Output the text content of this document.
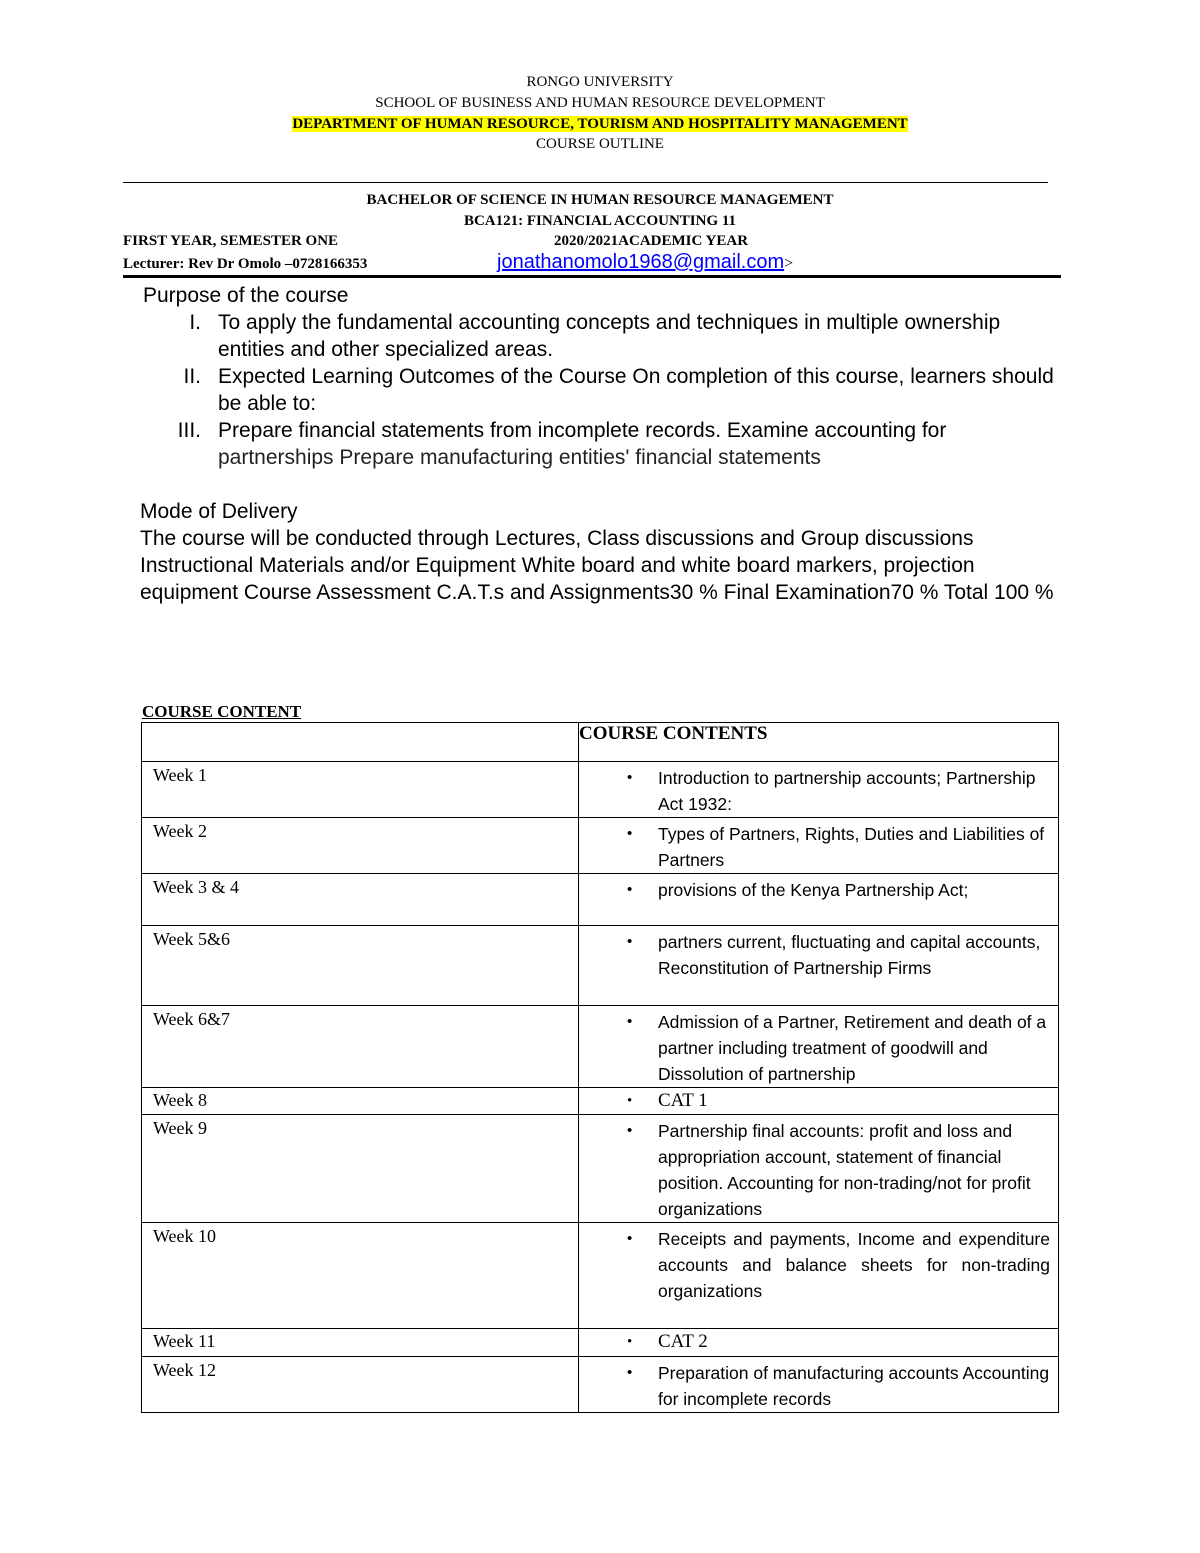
RONGO UNIVERSITY
SCHOOL OF BUSINESS AND HUMAN RESOURCE DEVELOPMENT
DEPARTMENT OF HUMAN RESOURCE, TOURISM AND HOSPITALITY MANAGEMENT
COURSE OUTLINE
BACHELOR OF SCIENCE IN HUMAN RESOURCE MANAGEMENT
BCA121: FINANCIAL ACCOUNTING 11
FIRST YEAR, SEMESTER ONE	2020/2021ACADEMIC YEAR
Lecturer: Rev Dr Omolo –0728166353	jonathanomolo1968@gmail.com>
Purpose of the course
I. To apply the fundamental accounting concepts and techniques in multiple ownership entities and other specialized areas.
II. Expected Learning Outcomes of the Course On completion of this course, learners should be able to:
III. Prepare financial statements from incomplete records. Examine accounting for
partnerships Prepare manufacturing entities' financial statements
Mode of Delivery
The course will be conducted through Lectures, Class discussions and Group discussions Instructional Materials and/or Equipment White board and white board markers, projection equipment Course Assessment C.A.T.s and Assignments30 % Final Examination70 % Total 100 %
COURSE CONTENT
	COURSE CONTENTS
Week 1	• Introduction to partnership accounts; Partnership Act 1932:

Week 2	• Types of Partners, Rights, Duties and Liabilities of Partners

Week 3 & 4	• provisions of the Kenya Partnership Act;

Week 5&6	• partners current, fluctuating and capital accounts, Reconstitution of Partnership Firms

Week 6&7	• Admission of a Partner, Retirement and death of a partner including treatment of goodwill and Dissolution of partnership

Week 8	• CAT 1

Week 9	• Partnership final accounts: profit and loss and appropriation account, statement of financial position. Accounting for non-trading/not for profit organizations

Week 10	• Receipts and payments, Income and expenditure accounts and balance sheets for non-trading organizations

Week 11	• CAT 2

Week 12	• Preparation of manufacturing accounts Accounting for incomplete records
